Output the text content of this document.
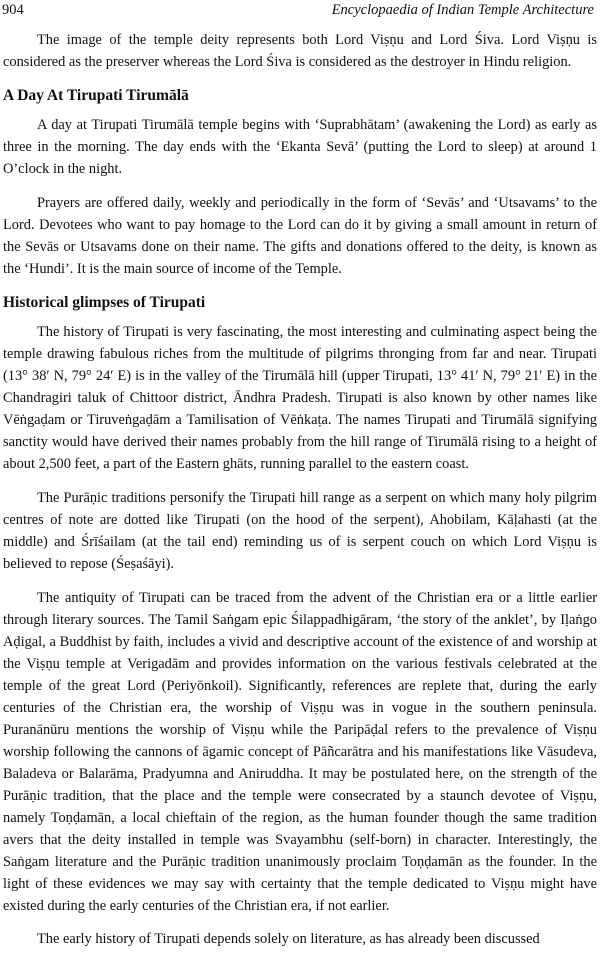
904	Encyclopaedia of Indian Temple Architecture

The image of the temple deity represents both Lord Viṣṇu and Lord Śiva. Lord Viṣṇu is considered as the preserver whereas the Lord Śiva is considered as the destroyer in Hindu religion.

A Day At Tirupati Tirumālā

A day at Tirupati Tirumālā temple begins with ‘Suprabhātam’ (awakening the Lord) as early as three in the morning. The day ends with the ‘Ekanta Sevā’ (putting the Lord to sleep) at around 1 O’clock in the night.

Prayers are offered daily, weekly and periodically in the form of ‘Sevās’ and ‘Utsavams’ to the Lord. Devotees who want to pay homage to the Lord can do it by giving a small amount in return of the Sevās or Utsavams done on their name. The gifts and donations offered to the deity, is known as the ‘Hundi’. It is the main source of income of the Temple.

Historical glimpses of Tirupati

The history of Tirupati is very fascinating, the most interesting and culminating aspect being the temple drawing fabulous riches from the multitude of pilgrims thronging from far and near. Tirupati (13° 38′ N, 79° 24′ E) is in the valley of the Tirumālā hill (upper Tirupati, 13° 41′ N, 79° 21′ E) in the Chandragiri taluk of Chittoor district, Āndhra Pradesh. Tirupati is also known by other names like Vēṅgaḍam or Tiruveṅgaḍām a Tamilisation of Vēṅkaṭa. The names Tirupati and Tirumālā signifying sanctity would have derived their names probably from the hill range of Tirumālā rising to a height of about 2,500 feet, a part of the Eastern ghāts, running parallel to the eastern coast.

The Purāṇic traditions personify the Tirupati hill range as a serpent on which many holy pilgrim centres of note are dotted like Tirupati (on the hood of the serpent), Ahobilam, Kāḷahasti (at the middle) and Śrīśailam (at the tail end) reminding us of is serpent couch on which Lord Viṣṇu is believed to repose (Śeṣaśāyi).

The antiquity of Tirupati can be traced from the advent of the Christian era or a little earlier through literary sources. The Tamil Saṅgam epic Śilappadhigāram, ‘the story of the anklet’, by Iḷaṅgo Aḍigal, a Buddhist by faith, includes a vivid and descriptive account of the existence of and worship at the Viṣṇu temple at Verigadām and provides information on the various festivals celebrated at the temple of the great Lord (Periyōnkoil). Significantly, references are replete that, during the early centuries of the Christian era, the worship of Viṣṇu was in vogue in the southern peninsula. Puranānūru mentions the worship of Viṣṇu while the Paripāḍal refers to the prevalence of Viṣṇu worship following the cannons of āgamic concept of Pāñcarātra and his manifestations like Vāsudeva, Baladeva or Balarāma, Pradyumna and Aniruddha. It may be postulated here, on the strength of the Purāṇic tradition, that the place and the temple were consecrated by a staunch devotee of Viṣṇu, namely Toṇḍamān, a local chieftain of the region, as the human founder though the same tradition avers that the deity installed in temple was Svayambhu (self-born) in character. Interestingly, the Saṅgam literature and the Purāṇic tradition unanimously proclaim Toṇḍamān as the founder. In the light of these evidences we may say with certainty that the temple dedicated to Viṣṇu might have existed during the early centuries of the Christian era, if not earlier.

The early history of Tirupati depends solely on literature, as has already been discussed
